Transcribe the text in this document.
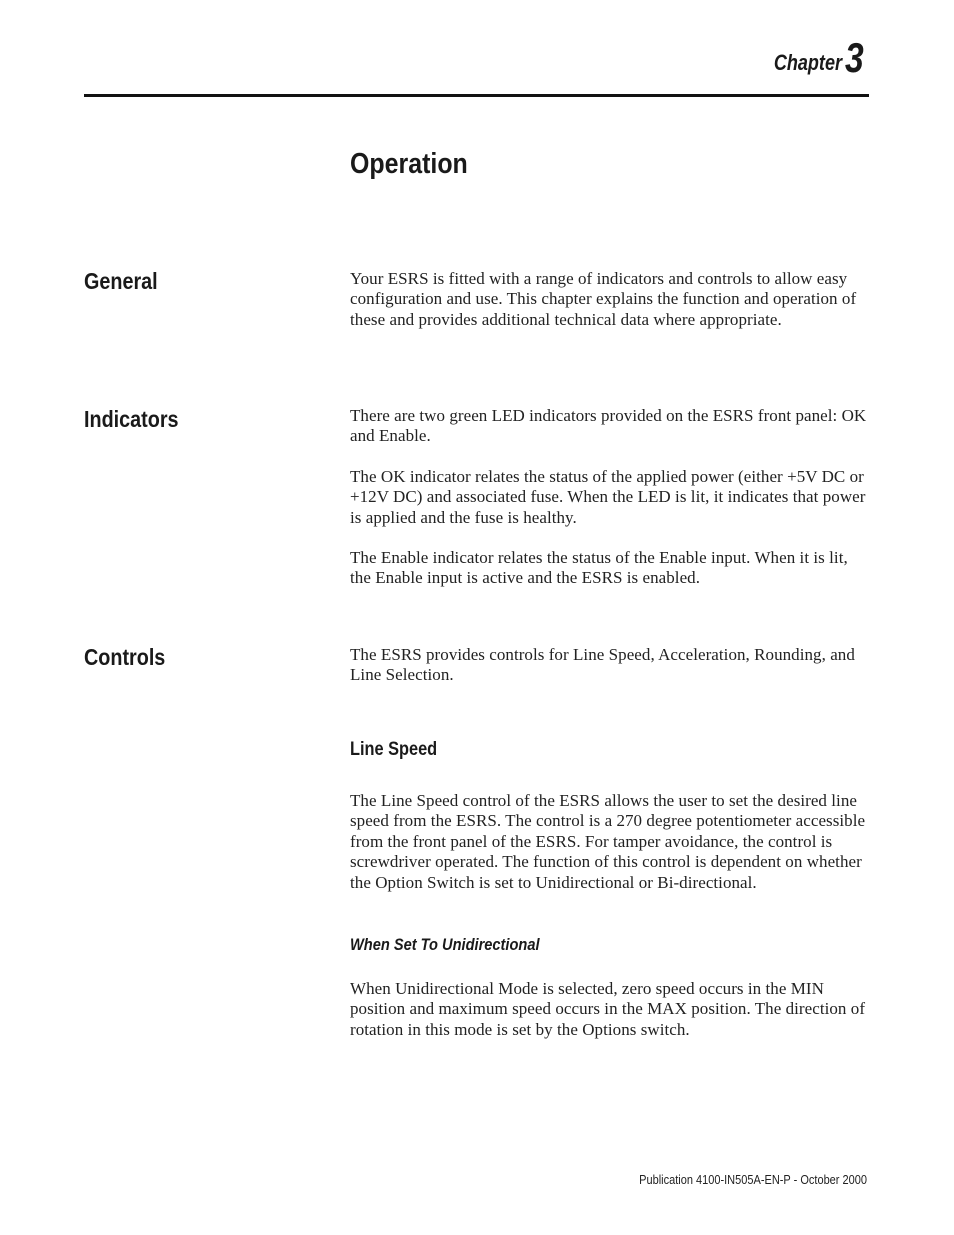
Chapter 3
Operation
General	Your ESRS is fitted with a range of indicators and controls to allow easy configuration and use. This chapter explains the function and operation of these and provides additional technical data where appropriate.

Indicators	There are two green LED indicators provided on the ESRS front panel: OK and Enable.

The OK indicator relates the status of the applied power (either +5V DC or +12V DC) and associated fuse. When the LED is lit, it indicates that power is applied and the fuse is healthy.

The Enable indicator relates the status of the Enable input. When it is lit, the Enable input is active and the ESRS is enabled.

Controls	The ESRS provides controls for Line Speed, Acceleration, Rounding, and Line Selection.

Line Speed

The Line Speed control of the ESRS allows the user to set the desired line speed from the ESRS. The control is a 270 degree potentiometer accessible from the front panel of the ESRS. For tamper avoidance, the control is screwdriver operated. The function of this control is dependent on whether the Option Switch is set to Unidirectional or Bi-directional.

When Set To Unidirectional

When Unidirectional Mode is selected, zero speed occurs in the MIN position and maximum speed occurs in the MAX position. The direction of rotation in this mode is set by the Options switch.

Publication 4100-IN505A-EN-P - October 2000
